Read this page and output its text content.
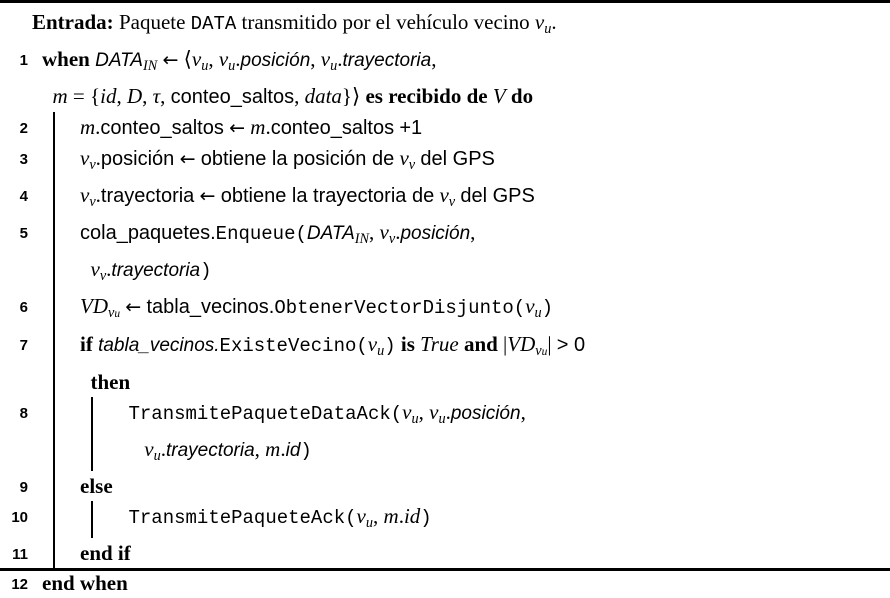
Entrada: Paquete DATA transmitido por el vehículo vecino $v_u$.
1 when $DATA_{IN}$ ← $⟨v_u$, $v_u.posición$, $v_u.trayectoria$,
m = {id, D, τ, conteo_saltos, data}⟩ es recibido de V do
2	m.conteo_saltos ← m.conteo_saltos +1
3	$v_v.posición$ ← obtiene la posición de $v_v$ del GPS
4	$v_v.trayectoria$ ← obtiene la trayectoria de $v_v$ del GPS
5	$cola\_paquetes.Enqueue(DATA_{IN}$, $v_v.posición$,
$v_v.trayectoria$)
6	$VD_{vu}$ ← $tabla\_vecinos.ObtenerVectorDisjunto(v_u)$
7	if $tabla\_vecinos.ExisteVecino(v_u)$ is True and $|VD_{vu}| > 0$
then
8	$TransmitePaqueteDataAck(v_u$, $v_u.posición$,
$v_u.trayectoria$, m.id)
9	else
10	$TransmitePaqueteAck(v_u$, m.id)
11	end if
12 end when
